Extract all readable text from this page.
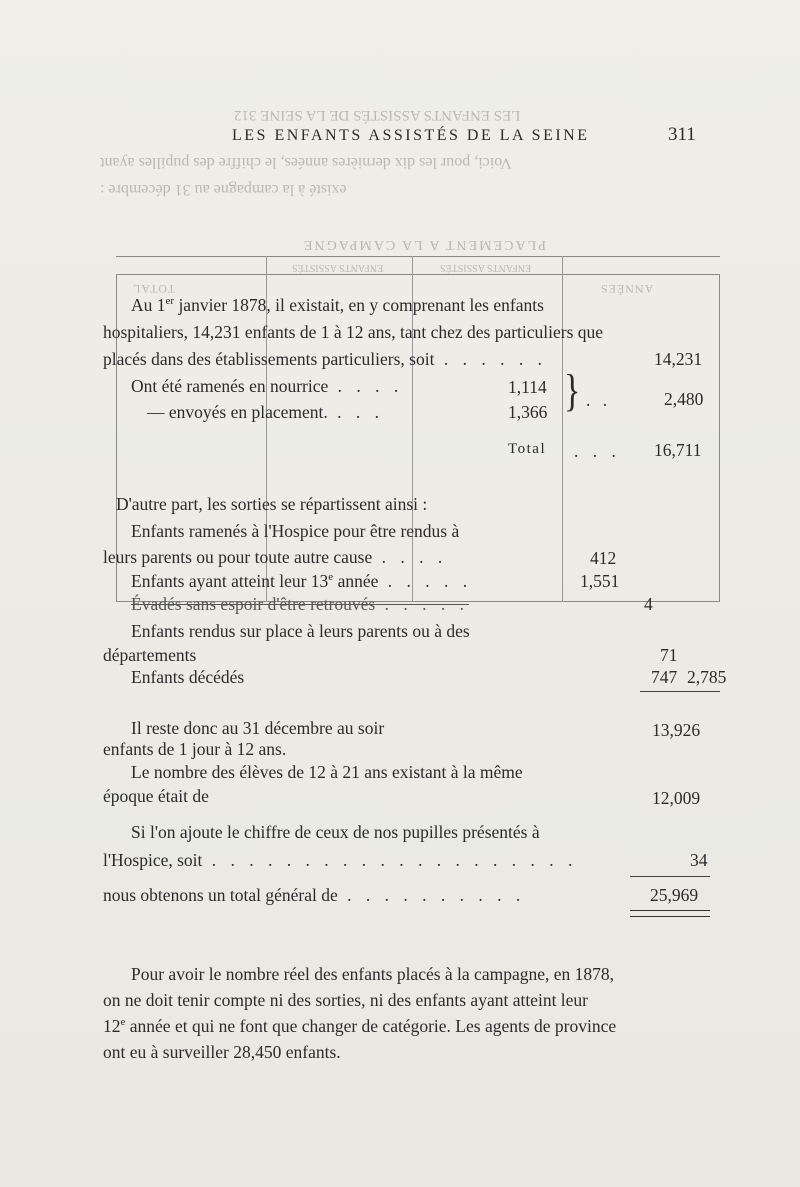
LES ENFANTS ASSISTÉS DE LA SEINE 312
Voici, pour les dix dernières années, le chiffre des pupilles ayant
existé à la campagne au 31 décembre :
LES ENFANTS ASSISTÉS DE LA SEINE	311
PLACEMENT A LA CAMPAGNE
TOTAL
ENFANTS ASSISTÉS	ENFANTS ASSISTÉS
ANNÉES
Au 1er janvier 1878, il existait, en y comprenant les enfants
hospitaliers, 14,231 enfants de 1 à 12 ans, tant chez des particuliers que
placés dans des établissements particuliers, soit . . . . . .	14,231
Ont été ramenés en nourrice . . . .	1,114
— envoyés en placement. . . .	1,366 } . .	2,480
Total . . . 16,711
D'autre part, les sorties se répartissent ainsi :
Enfants ramenés à l'Hospice pour être rendus à
leurs parents ou pour toute autre cause . . . .	412
Enfants ayant atteint leur 13e année . . . . .	1,551
Évadés sans espoir d'être retrouvés . . . . .	4
Enfants rendus sur place à leurs parents ou à des
départements	71
Enfants décédés	747 2,785
Il reste donc au 31 décembre au soir	13,926
enfants de 1 jour à 12 ans.
Le nombre des élèves de 12 à 21 ans existant à la même
époque était de	12,009
Si l'on ajoute le chiffre de ceux de nos pupilles présentés à
l'Hospice, soit . . . . . . . . . . . . . . . . . . . .	34
nous obtenons un total général de . . . . . . . . . .	25,969
Pour avoir le nombre réel des enfants placés à la campagne, en 1878,
on ne doit tenir compte ni des sorties, ni des enfants ayant atteint leur
12e année et qui ne font que changer de catégorie. Les agents de province
ont eu à surveiller 28,450 enfants.
